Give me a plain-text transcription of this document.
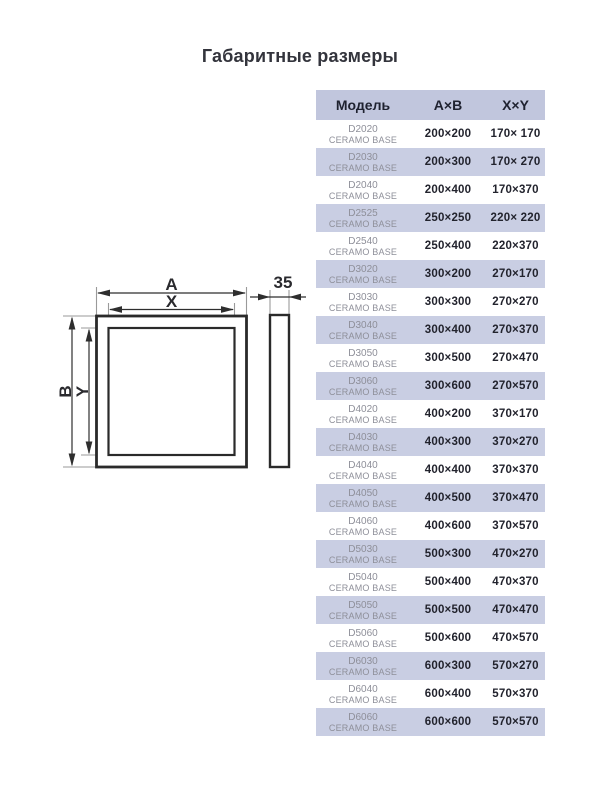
Габаритные размеры
A
X
B
Y
35
Модель	A×B	X×Y

D2020
CERAMO BASE	200×200	170× 170

D2030
CERAMO BASE	200×300	170× 270

D2040
CERAMO BASE	200×400	170×370

D2525
CERAMO BASE	250×250	220× 220

D2540
CERAMO BASE	250×400	220×370

D3020
CERAMO BASE	300×200	270×170

D3030
CERAMO BASE	300×300	270×270

D3040
CERAMO BASE	300×400	270×370

D3050
CERAMO BASE	300×500	270×470

D3060
CERAMO BASE	300×600	270×570

D4020
CERAMO BASE	400×200	370×170

D4030
CERAMO BASE	400×300	370×270

D4040
CERAMO BASE	400×400	370×370

D4050
CERAMO BASE	400×500	370×470

D4060
CERAMO BASE	400×600	370×570

D5030
CERAMO BASE	500×300	470×270

D5040
CERAMO BASE	500×400	470×370

D5050
CERAMO BASE	500×500	470×470

D5060
CERAMO BASE	500×600	470×570

D6030
CERAMO BASE	600×300	570×270

D6040
CERAMO BASE	600×400	570×370

D6060
CERAMO BASE	600×600	570×570
